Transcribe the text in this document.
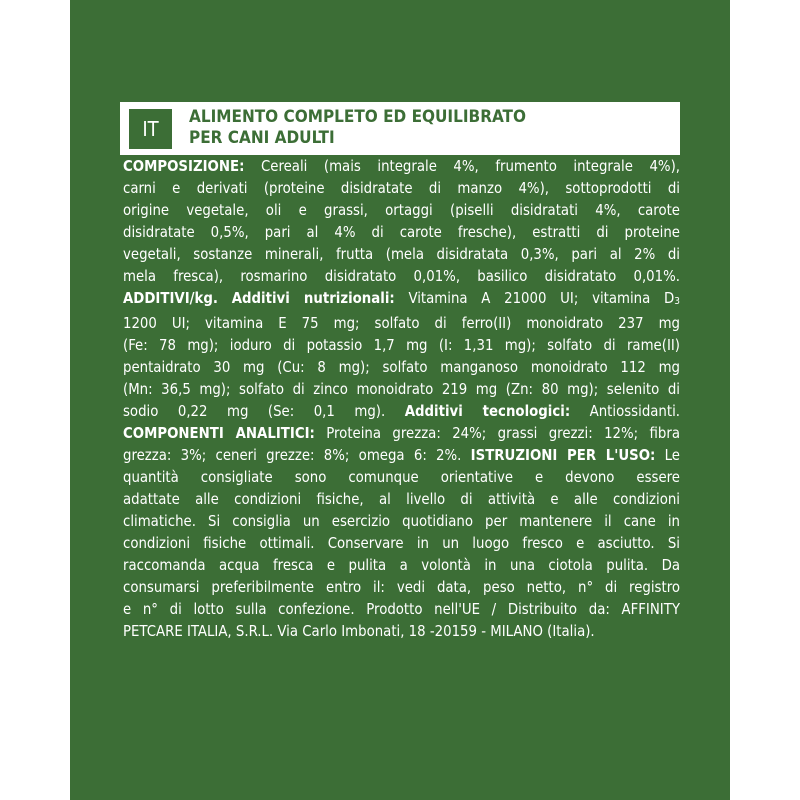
IT	ALIMENTO COMPLETO ED EQUILIBRATO
PER CANI ADULTI
COMPOSIZIONE: Cereali (mais integrale 4%, frumento integrale 4%),
carni e derivati (proteine disidratate di manzo 4%), sottoprodotti di
origine vegetale, oli e grassi, ortaggi (piselli disidratati 4%, carote
disidratate 0,5%, pari al 4% di carote fresche), estratti di proteine
vegetali, sostanze minerali, frutta (mela disidratata 0,3%, pari al 2% di
mela fresca), rosmarino disidratato 0,01%, basilico disidratato 0,01%.
ADDITIVI/kg. Additivi nutrizionali: Vitamina A 21000 UI; vitamina D3
1200 UI; vitamina E 75 mg; solfato di ferro(II) monoidrato 237 mg
(Fe: 78 mg); ioduro di potassio 1,7 mg (I: 1,31 mg); solfato di rame(II)
pentaidrato 30 mg (Cu: 8 mg); solfato manganoso monoidrato 112 mg
(Mn: 36,5 mg); solfato di zinco monoidrato 219 mg (Zn: 80 mg); selenito di
sodio 0,22 mg (Se: 0,1 mg). Additivi tecnologici: Antiossidanti.
COMPONENTI ANALITICI: Proteina grezza: 24%; grassi grezzi: 12%; fibra
grezza: 3%; ceneri grezze: 8%; omega 6: 2%. ISTRUZIONI PER L'USO: Le
quantità consigliate sono comunque orientative e devono essere
adattate alle condizioni fisiche, al livello di attività e alle condizioni
climatiche. Si consiglia un esercizio quotidiano per mantenere il cane in
condizioni fisiche ottimali. Conservare in un luogo fresco e asciutto. Si
raccomanda acqua fresca e pulita a volontà in una ciotola pulita. Da
consumarsi preferibilmente entro il: vedi data, peso netto, n° di registro
e n° di lotto sulla confezione. Prodotto nell'UE / Distribuito da: AFFINITY
PETCARE ITALIA, S.R.L. Via Carlo Imbonati, 18 -20159 - MILANO (Italia).
